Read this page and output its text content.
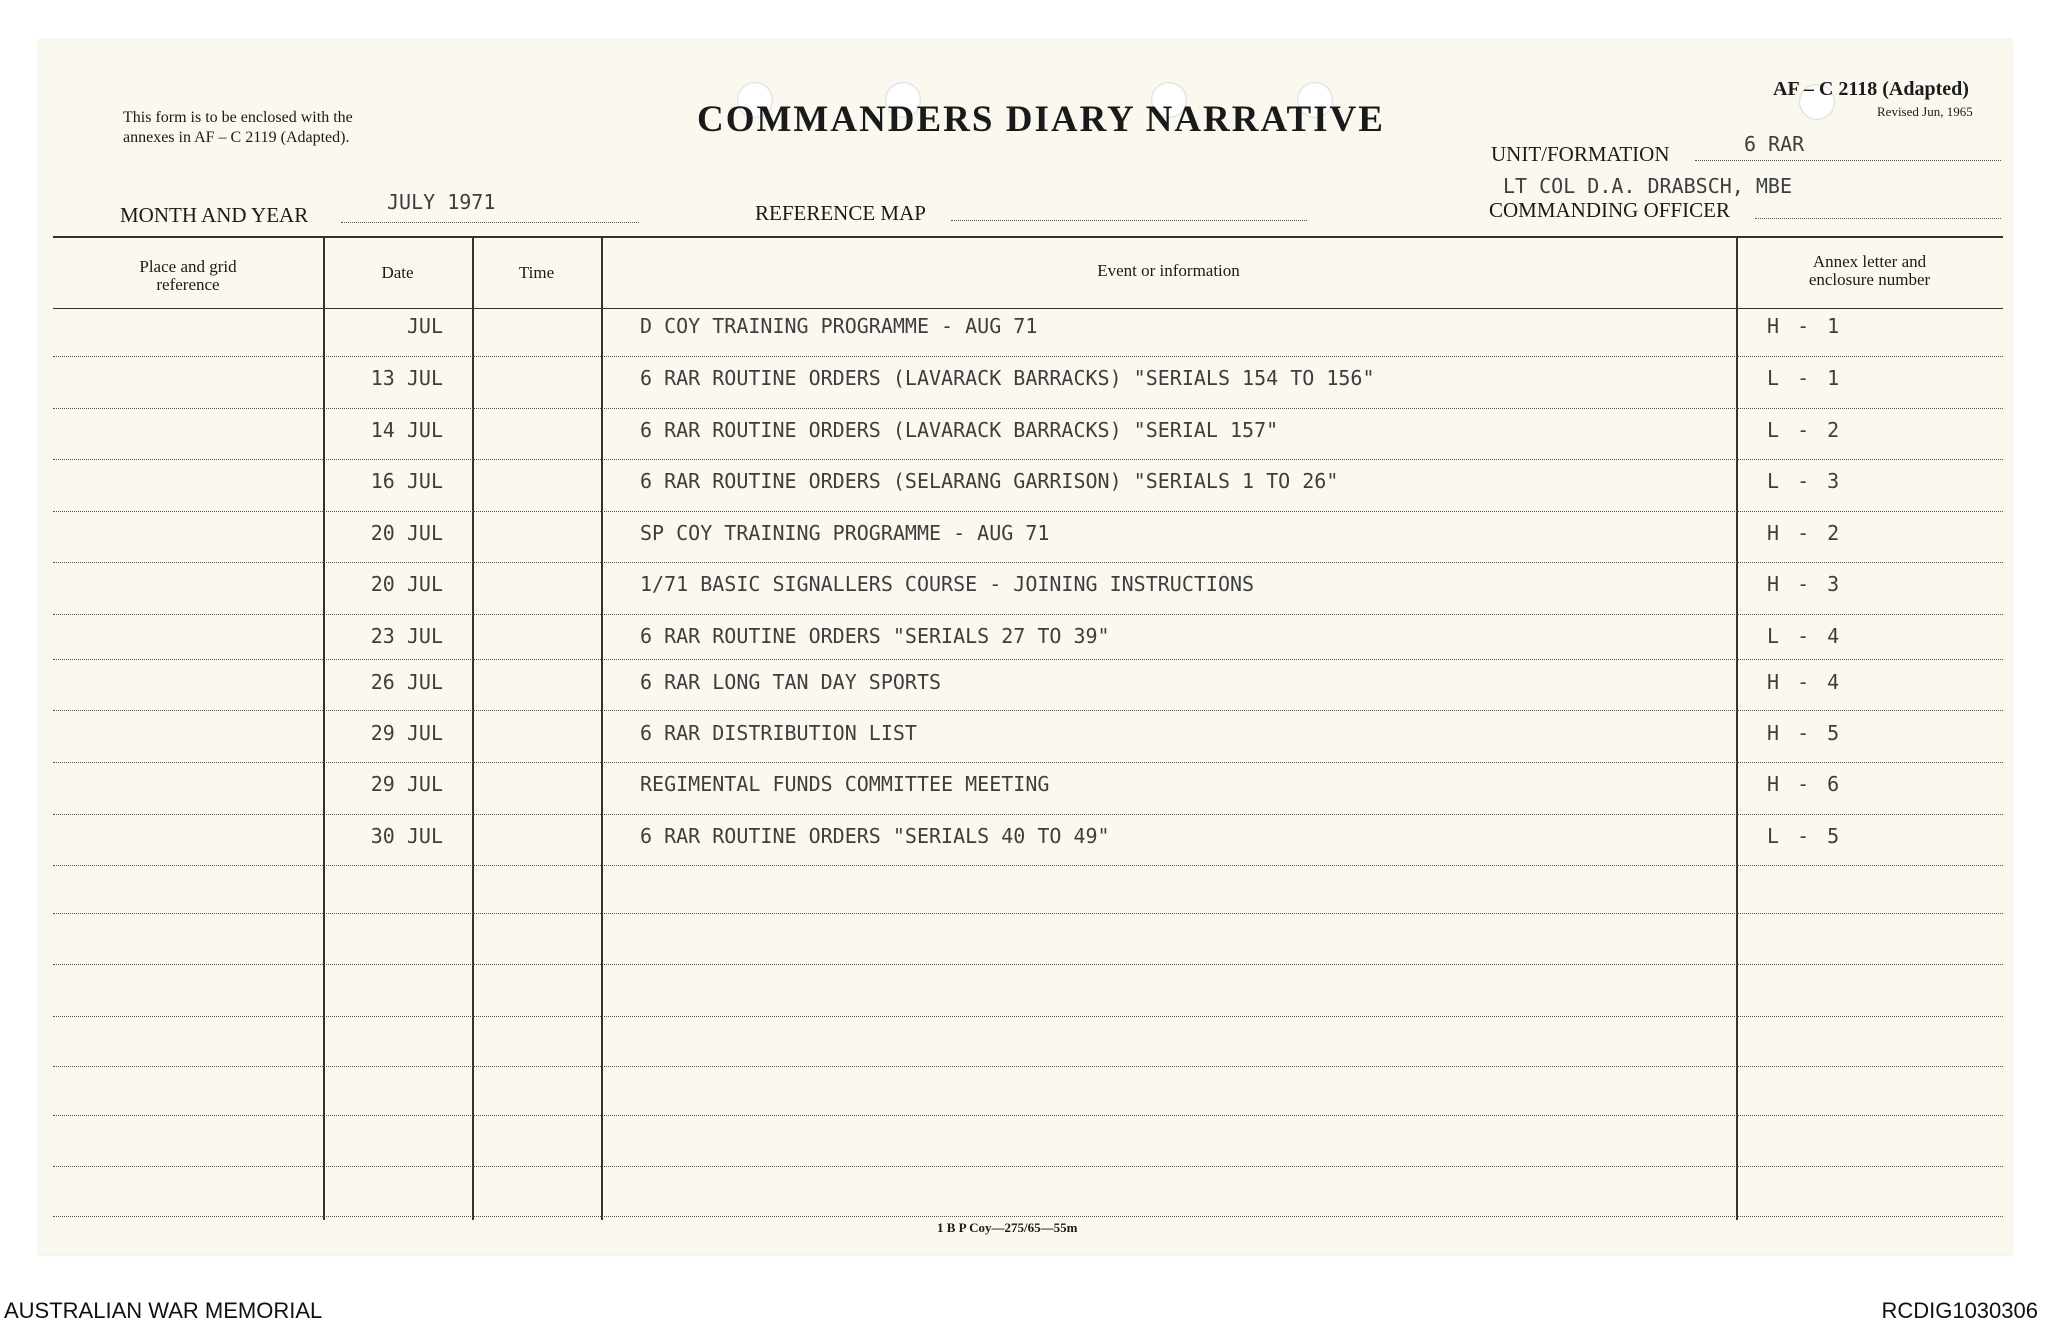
This form is to be enclosed with the
annexes in AF – C 2119 (Adapted).	COMMANDERS DIARY NARRATIVE
AF – C 2118 (Adapted)
Revised Jun, 1965
UNIT/FORMATION	6 RAR
LT COL D.A. DRABSCH, MBE
COMMANDING OFFICER
MONTH AND YEAR
JULY 1971	REFERENCE MAP
Place and grid
reference
Date	Time	Event or information	Annex letter and
enclosure number
JUL	D COY TRAINING PROGRAMME - AUG 71	H - 1
13 JUL	6 RAR ROUTINE ORDERS (LAVARACK BARRACKS) "SERIALS 154 TO 156"	L - 1
14 JUL	6 RAR ROUTINE ORDERS (LAVARACK BARRACKS) "SERIAL 157"	L - 2
16 JUL	6 RAR ROUTINE ORDERS (SELARANG GARRISON) "SERIALS 1 TO 26"	L - 3
20 JUL	SP COY TRAINING PROGRAMME - AUG 71	H - 2
20 JUL	1/71 BASIC SIGNALLERS COURSE - JOINING INSTRUCTIONS	H - 3
23 JUL	6 RAR ROUTINE ORDERS "SERIALS 27 TO 39"	L - 4
26 JUL	6 RAR LONG TAN DAY SPORTS	H - 4
29 JUL	6 RAR DISTRIBUTION LIST	H - 5
29 JUL	REGIMENTAL FUNDS COMMITTEE MEETING	H - 6
30 JUL	6 RAR ROUTINE ORDERS "SERIALS 40 TO 49"	L - 5
1 B P Coy—275/65—55m
AUSTRALIAN WAR MEMORIAL	RCDIG1030306
